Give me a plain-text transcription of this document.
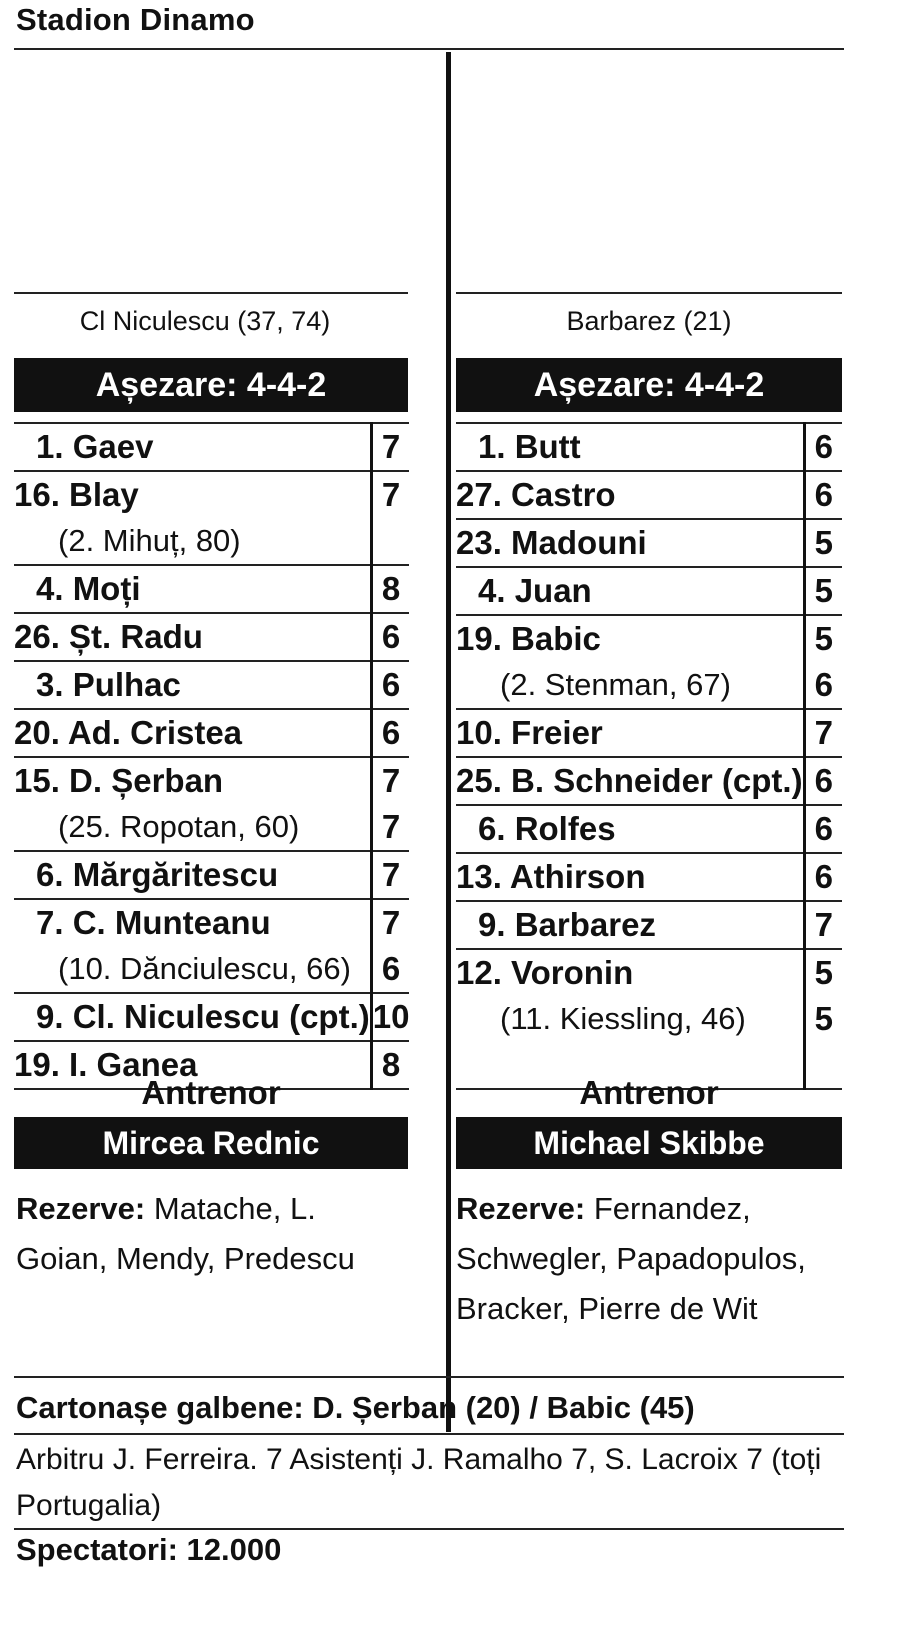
Stadion Dinamo
Cl Niculescu (37, 74)
Așezare: 4-4-2
1. Gaev	7
16. Blay	7
(2. Mihuț, 80)	
4. Moți	8
26. Șt. Radu	6
3. Pulhac	6
20. Ad. Cristea	6
15. D. Șerban	7
(25. Ropotan, 60)	7
6. Mărgăritescu	7
7. C. Munteanu	7
(10. Dănciulescu, 66)	6
9. Cl. Niculescu (cpt.)	10
19. I. Ganea	8
Antrenor
Mircea Rednic
Rezerve: Matache, L. Goian, Mendy, Predescu
Barbarez (21)
Așezare: 4-4-2
1. Butt	6
27. Castro	6
23. Madouni	5
4. Juan	5
19. Babic	5
(2. Stenman, 67)	6
10. Freier	7
25. B. Schneider (cpt.)	6
6. Rolfes	6
13. Athirson	6
9. Barbarez	7
12. Voronin	5
(11. Kiessling, 46)	5

Antrenor
Michael Skibbe
Rezerve: Fernandez, Schwegler, Papadopulos, Bracker, Pierre de Wit
Cartonașe galbene: D. Șerban (20) / Babic (45)
Arbitru J. Ferreira. 7 Asistenți J. Ramalho 7, S. Lacroix 7 (toți Portugalia)
Spectatori: 12.000
